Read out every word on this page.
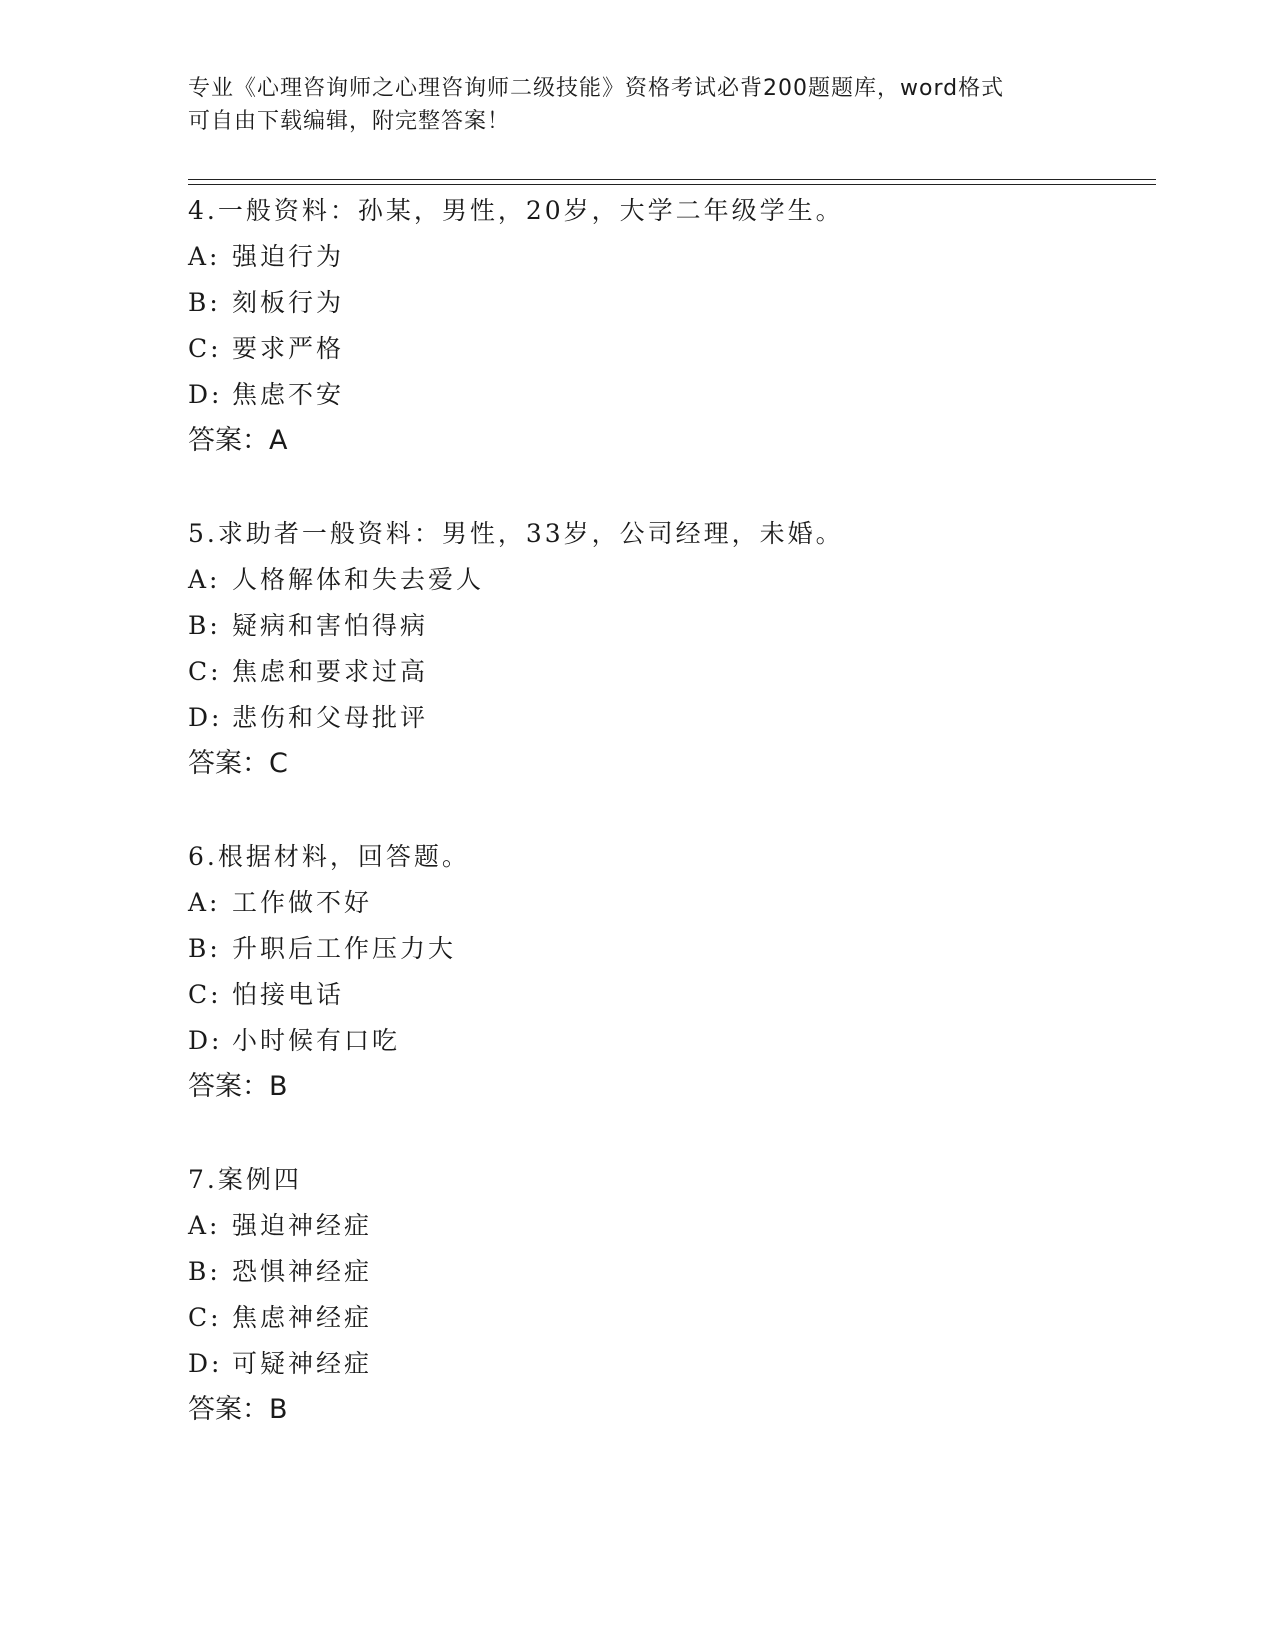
专业《心理咨询师之心理咨询师二级技能》资格考试必背200题题库，word格式
可自由下载编辑，附完整答案！
4.一般资料：孙某，男性，20岁，大学二年级学生。
A: 强迫行为
B: 刻板行为
C: 要求严格
D: 焦虑不安
答案：A
5.求助者一般资料：男性，33岁，公司经理，未婚。
A: 人格解体和失去爱人
B: 疑病和害怕得病
C: 焦虑和要求过高
D: 悲伤和父母批评
答案：C
6.根据材料，回答题。
A: 工作做不好
B: 升职后工作压力大
C: 怕接电话
D: 小时候有口吃
答案：B
7.案例四
A: 强迫神经症
B: 恐惧神经症
C: 焦虑神经症
D: 可疑神经症
答案：B
